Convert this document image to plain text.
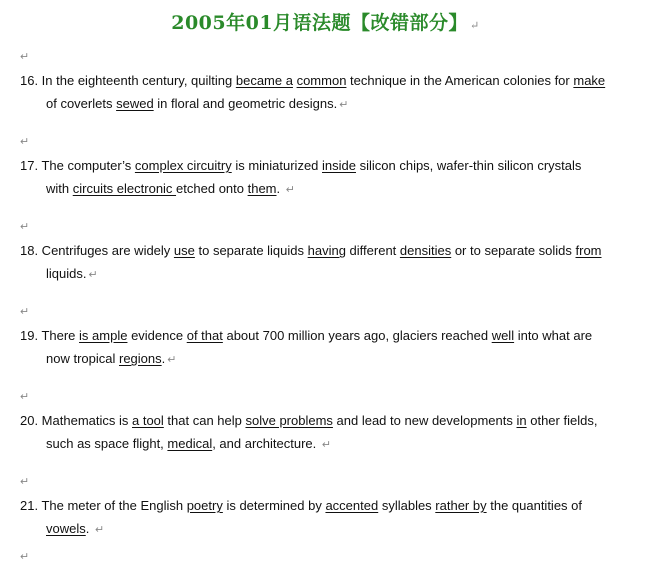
2005年01月语法题【改错部分】 ↵
↵
↵
↵
↵
↵
↵
16. In the eighteenth century, quilting became a common technique in the American colonies for make
of coverlets sewed in floral and geometric designs. ↵
17. The computer’s complex circuitry is miniaturized inside silicon chips, wafer-thin silicon crystals
with circuits electronic etched onto them. ↵
18. Centrifuges are widely use to separate liquids having different densities or to separate solids from
liquids. ↵
19. There is ample evidence of that about 700 million years ago, glaciers reached well into what are
now tropical regions. ↵
20. Mathematics is a tool that can help solve problems and lead to new developments in other fields,
such as space flight, medical, and architecture. ↵
21. The meter of the English poetry is determined by accented syllables rather by the quantities of
vowels. ↵
↵
